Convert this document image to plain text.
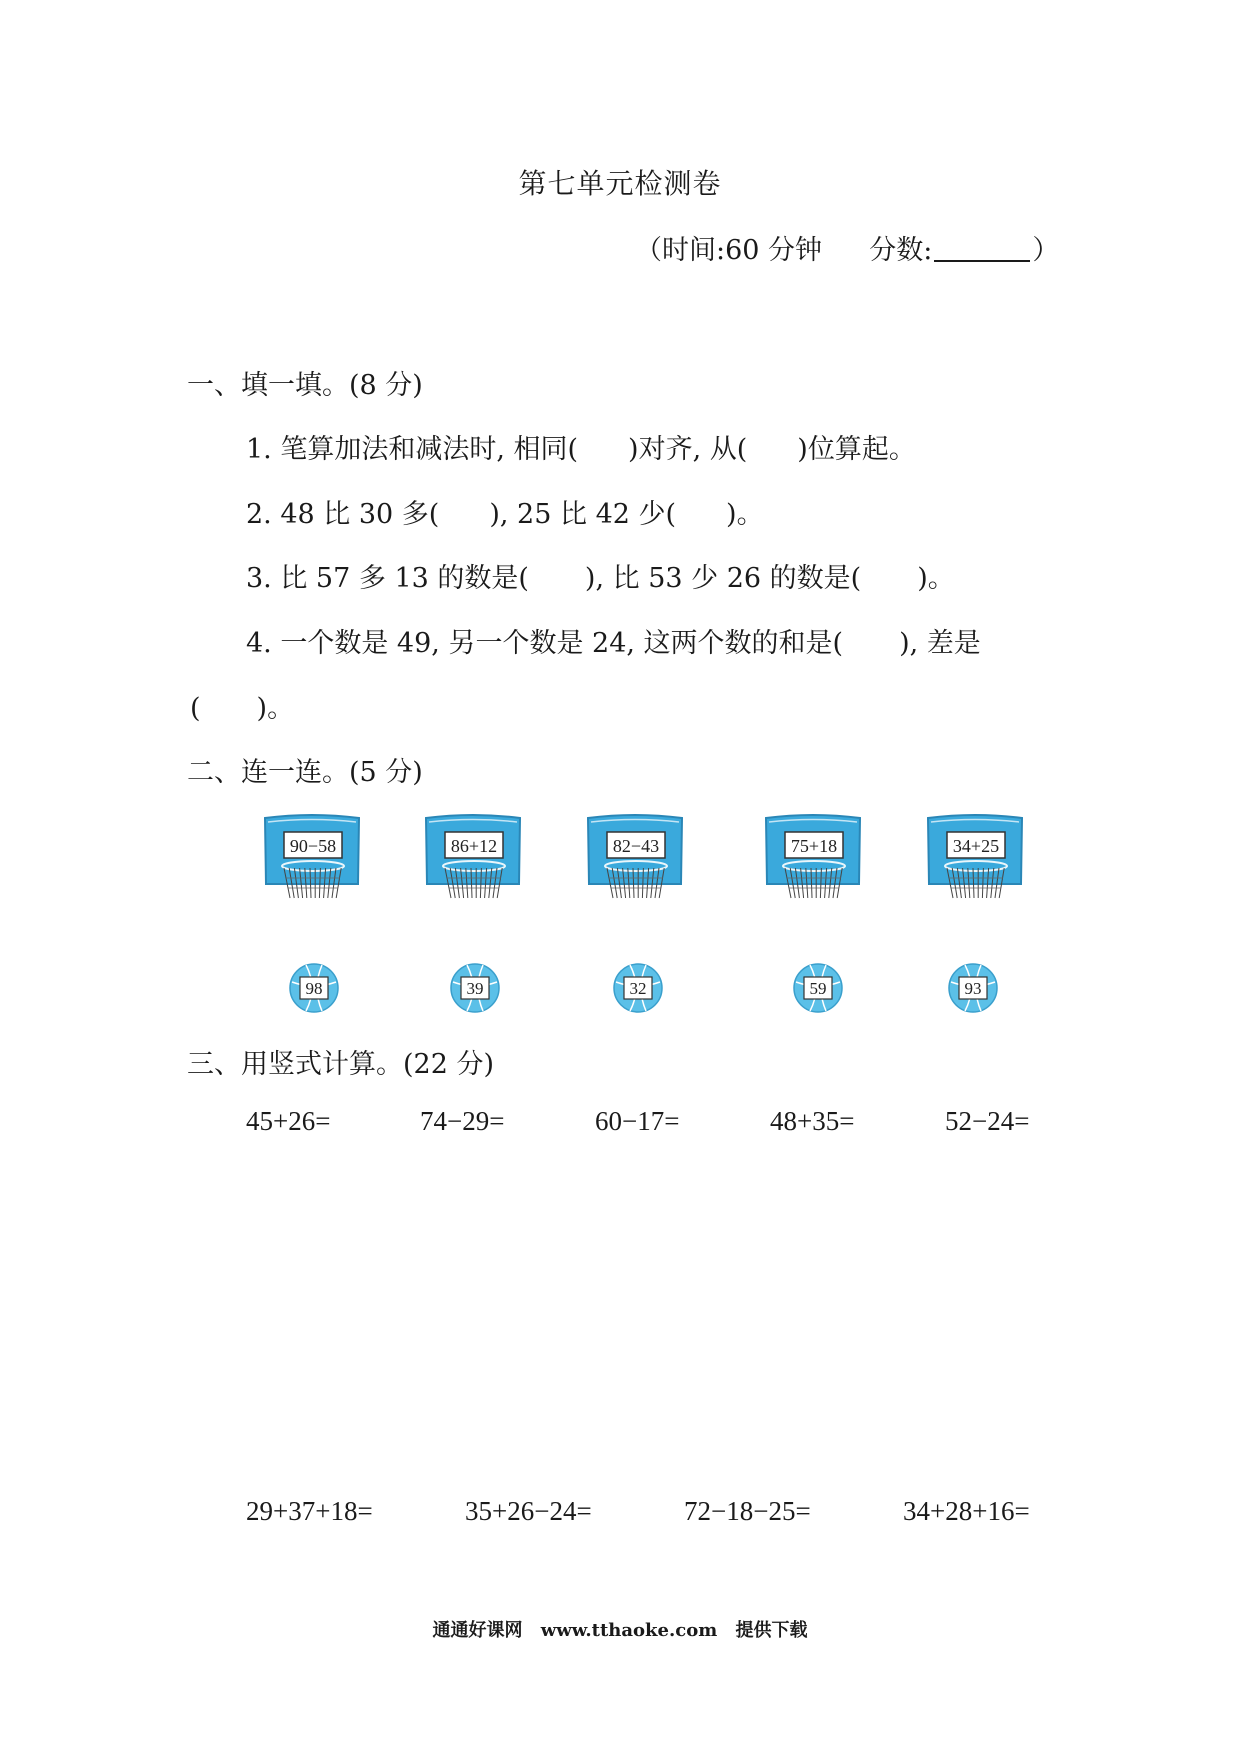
第七单元检测卷
（时间:60 分钟 分数:	）
一、填一填。(8 分)
1. 笔算加法和减法时, 相同( )对齐, 从( )位算起。
2. 48 比 30 多( ), 25 比 42 少( )。
3. 比 57 多 13 的数是( ), 比 53 少 26 的数是( )。
4. 一个数是 49, 另一个数是 24, 这两个数的和是( ), 差是
( )。
二、连一连。(5 分)
90−58	86+12	82−43	75+18	34+25
98	39	32	59	93
三、用竖式计算。(22 分)
45+26=	74−29=	60−17=	48+35=	52−24=
29+37+18=	35+26−24=	72−18−25=	34+28+16=
通通好课网 www.tthaoke.com 提供下载
